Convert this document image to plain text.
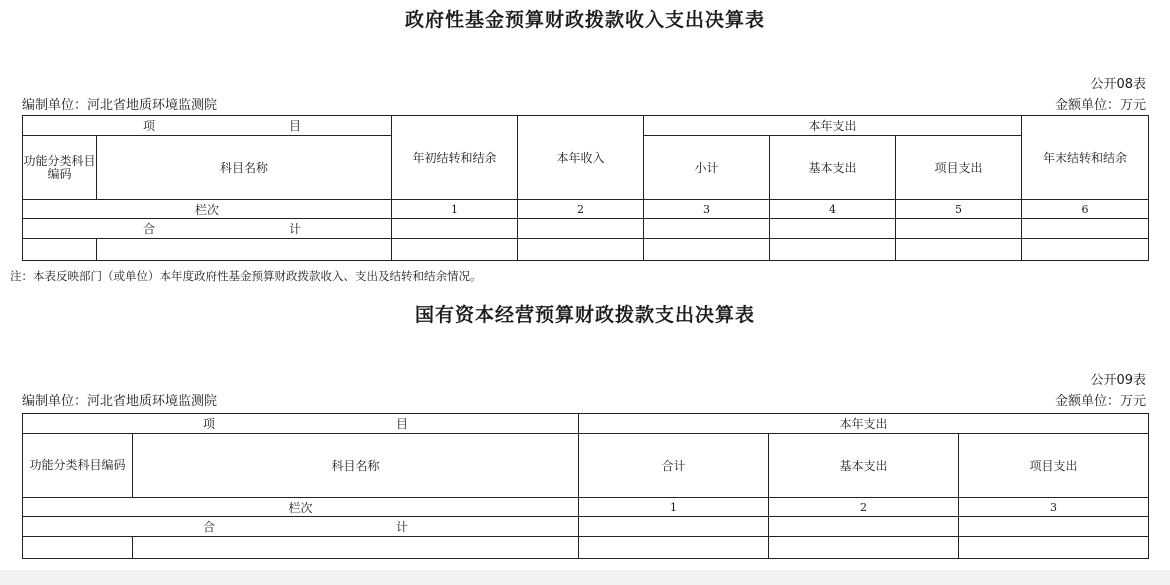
政府性基金预算财政拨款收入支出决算表
公开08表
编制单位：河北省地质环境监测院	金额单位：万元
项 目		年初结转和结余	本年收入	本年支出			年末结转和结余
功能分类科目编码	科目名称			小计	基本支出	项目支出	
栏次		1	2	3	4	5	6

合 计							

注：本表反映部门（或单位）本年度政府性基金预算财政拨款收入、支出及结转和结余情况。
国有资本经营预算财政拨款支出决算表
公开09表
编制单位：河北省地质环境监测院	金额单位：万元
项 目		本年支出		
功能分类科目编码	科目名称	合计	基本支出	项目支出
栏次		1	2	3

合 计				
